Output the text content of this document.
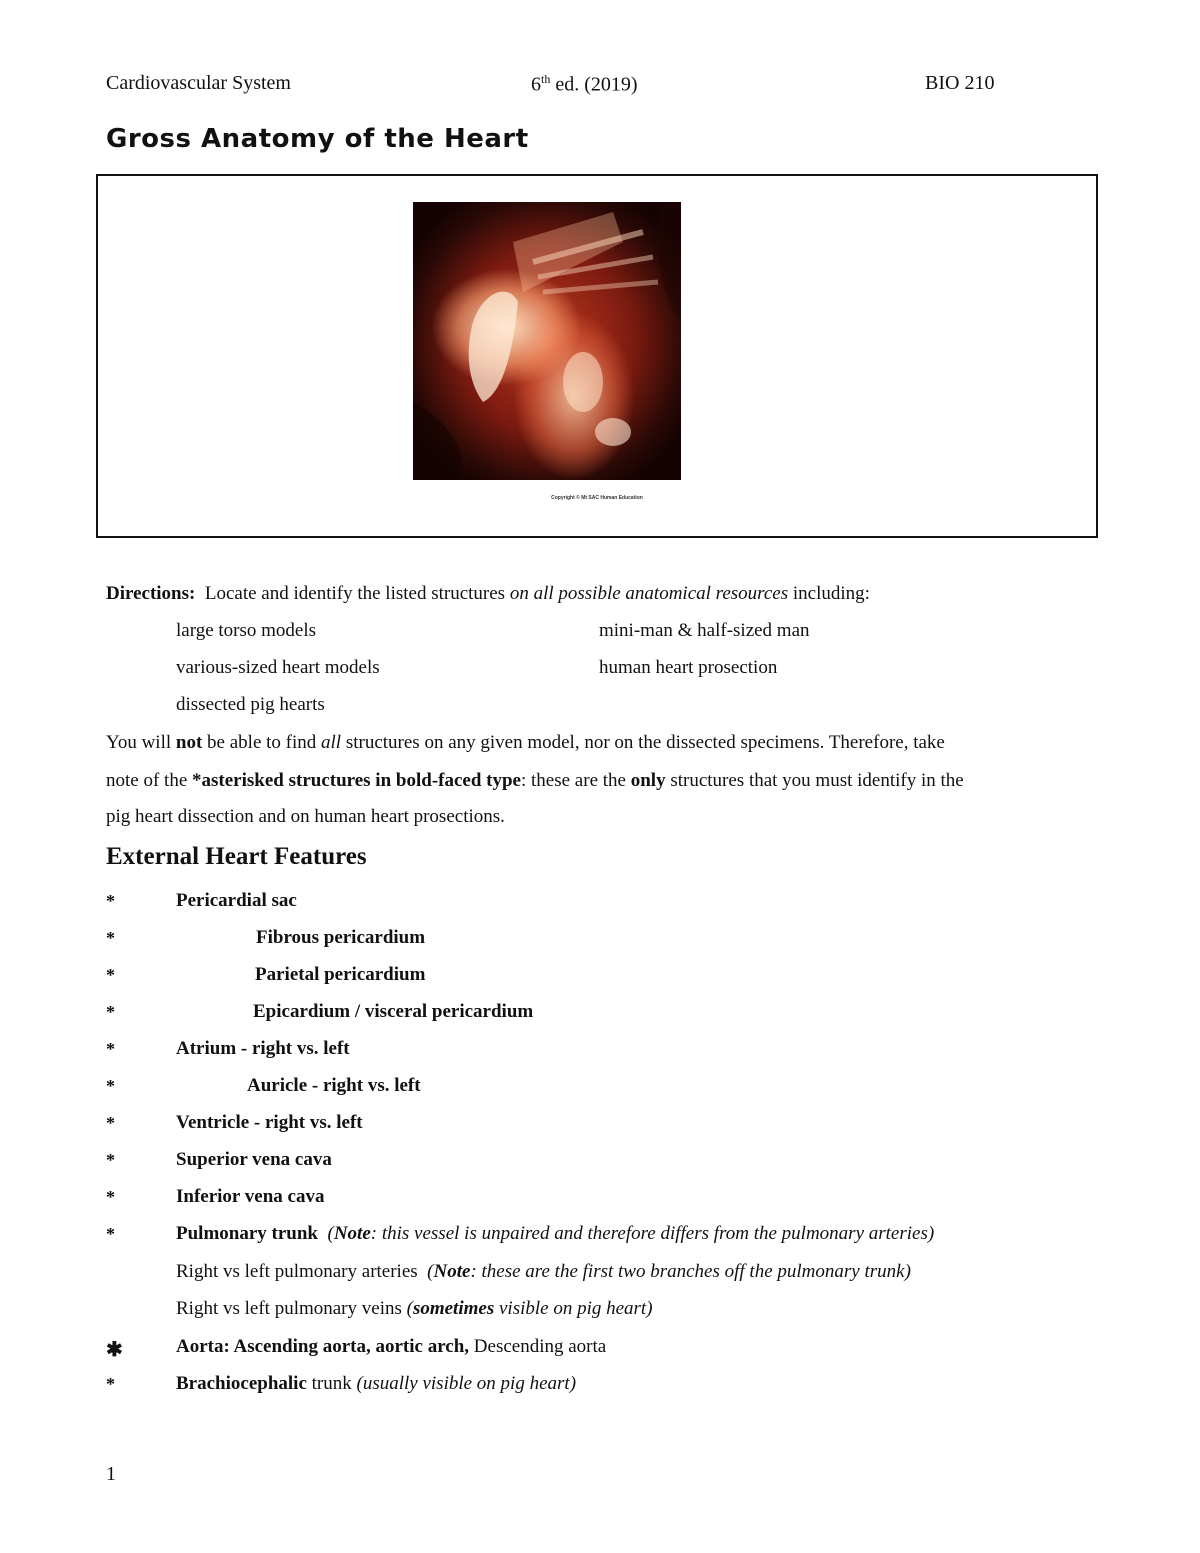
Cardiovascular System	6th ed. (2019)	BIO 210
Gross Anatomy of the Heart
Copyright © Mt SAC Human Education
Directions:  Locate and identify the listed structures on all possible anatomical resources including:
large torso models	mini-man & half-sized man
various-sized heart models	human heart prosection
dissected pig hearts
You will not be able to find all structures on any given model, nor on the dissected specimens. Therefore, take
note of the *asterisked structures in bold-faced type: these are the only structures that you must identify in the
pig heart dissection and on human heart prosections.
External Heart Features
*	Pericardial sac
*	Fibrous pericardium
*	Parietal pericardium
*	Epicardium / visceral pericardium
*	Atrium - right vs. left
*	Auricle - right vs. left
*	Ventricle - right vs. left
*	Superior vena cava
*	Inferior vena cava
*	Pulmonary trunk  (Note: this vessel is unpaired and therefore differs from the pulmonary arteries)
Right vs left pulmonary arteries  (Note: these are the first two branches off the pulmonary trunk)
Right vs left pulmonary veins (sometimes visible on pig heart)
✱	Aorta: Ascending aorta, aortic arch, Descending aorta
*	Brachiocephalic trunk (usually visible on pig heart)
1
